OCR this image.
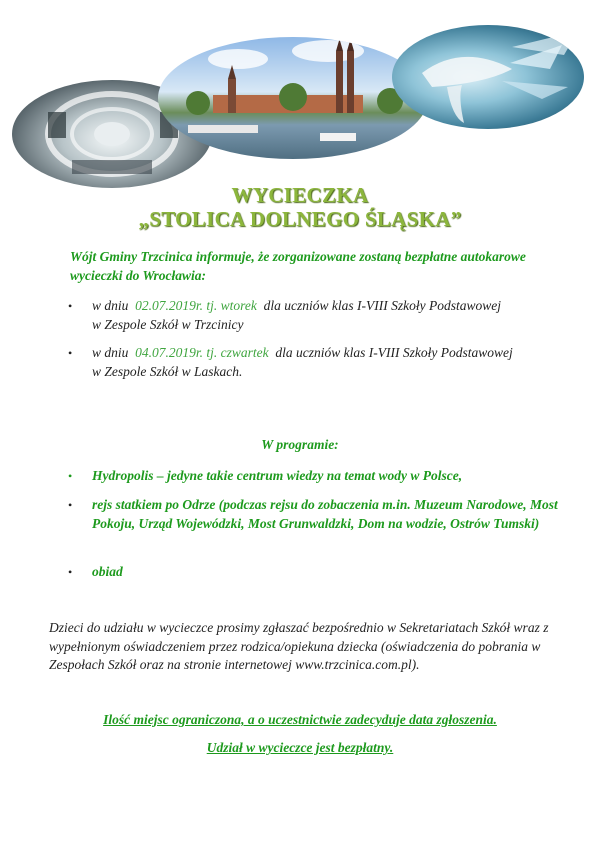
WYCIECZKA
„STOLICA DOLNEGO ŚLĄSKA”
Wójt Gminy Trzcinica informuje, że zorganizowane zostaną bezpłatne autokarowe wycieczki do Wrocławia:
• w dniu 02.07.2019r. tj. wtorek dla uczniów klas I-VIII Szkoły Podstawowej
w Zespole Szkół w Trzcinicy
• w dniu 04.07.2019r. tj. czwartek dla uczniów klas I-VIII Szkoły Podstawowej
w Zespole Szkół w Laskach.
W programie:
• Hydropolis – jedyne takie centrum wiedzy na temat wody w Polsce,
• rejs statkiem po Odrze (podczas rejsu do zobaczenia m.in. Muzeum Narodowe, Most Pokoju, Urząd Wojewódzki, Most Grunwaldzki, Dom na wodzie, Ostrów Tumski)
• obiad
Dzieci do udziału w wycieczce prosimy zgłaszać bezpośrednio w Sekretariatach Szkół wraz z wypełnionym oświadczeniem przez rodzica/opiekuna dziecka (oświadczenia do pobrania w Zespołach Szkół oraz na stronie internetowej www.trzcinica.com.pl).
Ilość miejsc ograniczona, a o uczestnictwie zadecyduje data zgłoszenia.
Udział w wycieczce jest bezpłatny.
